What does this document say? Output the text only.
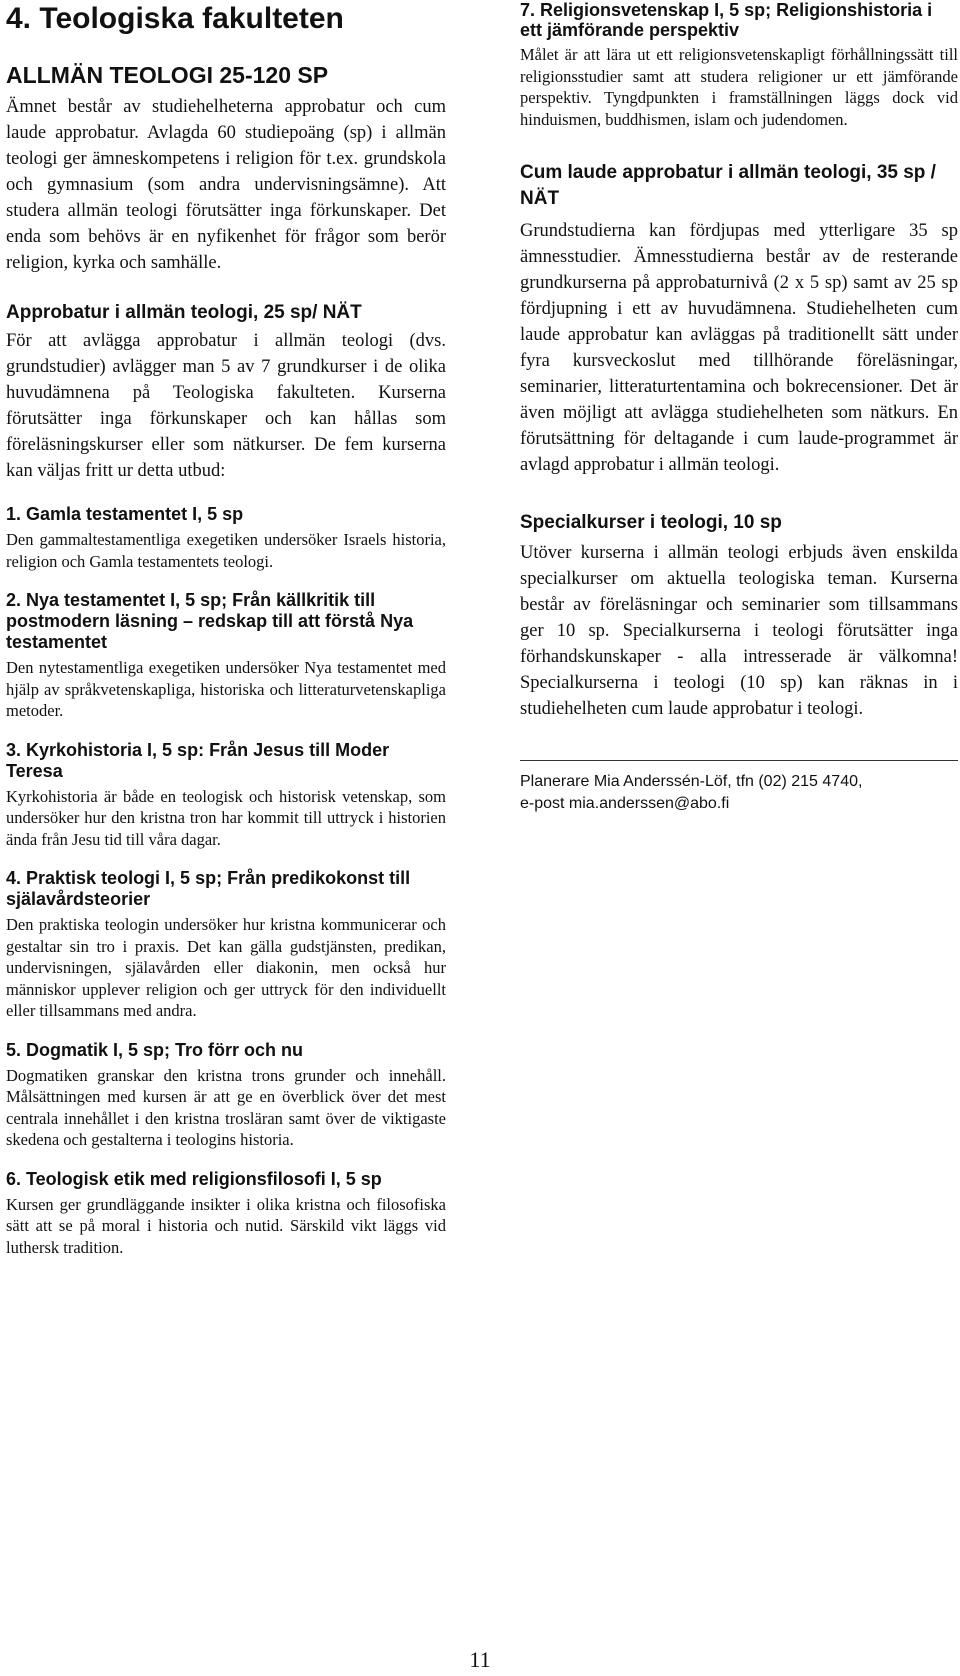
4. Teologiska fakulteten
ALLMÄN TEOLOGI 25-120 SP

Ämnet består av studiehelheterna approbatur och cum laude approbatur. Avlagda 60 studiepoäng (sp) i allmän teologi ger ämneskompetens i religion för t.ex. grundskola och gymnasium (som andra undervisningsämne). Att studera allmän teologi förutsätter inga förkunskaper. Det enda som behövs är en nyfikenhet för frågor som berör religion, kyrka och samhälle.

Approbatur i allmän teologi, 25 sp/ NÄT

För att avlägga approbatur i allmän teologi (dvs. grundstudier) avlägger man 5 av 7 grundkurser i de olika huvudämnena på Teologiska fakulteten. Kurserna förutsätter inga förkunskaper och kan hållas som föreläsningskurser eller som nätkurser. De fem kurserna kan väljas fritt ur detta utbud:

1. Gamla testamentet I, 5 sp

Den gammaltestamentliga exegetiken undersöker Israels historia, religion och Gamla testamentets teologi.

2. Nya testamentet I, 5 sp; Från källkritik till postmodern läsning – redskap till att förstå Nya testamentet

Den nytestamentliga exegetiken undersöker Nya testamentet med hjälp av språkvetenskapliga, historiska och litteraturvetenskapliga metoder.

3. Kyrkohistoria I, 5 sp: Från Jesus till Moder Teresa

Kyrkohistoria är både en teologisk och historisk vetenskap, som undersöker hur den kristna tron har kommit till uttryck i historien ända från Jesu tid till våra dagar.

4. Praktisk teologi I, 5 sp; Från predikokonst till själavårdsteorier

Den praktiska teologin undersöker hur kristna kommunicerar och gestaltar sin tro i praxis. Det kan gälla gudstjänsten, predikan, undervisningen, själavården eller diakonin, men också hur människor upplever religion och ger uttryck för den individuellt eller tillsammans med andra.

5. Dogmatik I, 5 sp; Tro förr och nu

Dogmatiken granskar den kristna trons grunder och innehåll. Målsättningen med kursen är att ge en överblick över det mest centrala innehållet i den kristna trosläran samt över de viktigaste skedena och gestalterna i teologins historia.

6. Teologisk etik med religionsfilosofi I, 5 sp

Kursen ger grundläggande insikter i olika kristna och filosofiska sätt att se på moral i historia och nutid. Särskild vikt läggs vid luthersk tradition.

7. Religionsvetenskap I, 5 sp; Religionshistoria i ett jämförande perspektiv

Målet är att lära ut ett religionsvetenskapligt förhållningssätt till religionsstudier samt att studera religioner ur ett jämförande perspektiv. Tyngdpunkten i framställningen läggs dock vid hinduismen, buddhismen, islam och judendomen.

Cum laude approbatur i allmän teologi, 35 sp / NÄT

Grundstudierna kan fördjupas med ytterligare 35 sp ämnesstudier. Ämnesstudierna består av de resterande grundkurserna på approbaturnivå (2 x 5 sp) samt av 25 sp fördjupning i ett av huvudämnena. Studiehelheten cum laude approbatur kan avläggas på traditionellt sätt under fyra kursveckoslut med tillhörande föreläsningar, seminarier, litteraturtentamina och bokrecensioner. Det är även möjligt att avlägga studiehelheten som nätkurs. En förutsättning för deltagande i cum laude-programmet är avlagd approbatur i allmän teologi.

Specialkurser i teologi, 10 sp

Utöver kurserna i allmän teologi erbjuds även enskilda specialkurser om aktuella teologiska teman. Kurserna består av föreläsningar och seminarier som tillsammans ger 10 sp. Specialkurserna i teologi förutsätter inga förhandskunskaper - alla intresserade är välkomna! Specialkurserna i teologi (10 sp) kan räknas in i studiehelheten cum laude approbatur i teologi.

Planerare Mia Anderssén-Löf, tfn (02) 215 4740,

e-post mia.anderssen@abo.fi

11
